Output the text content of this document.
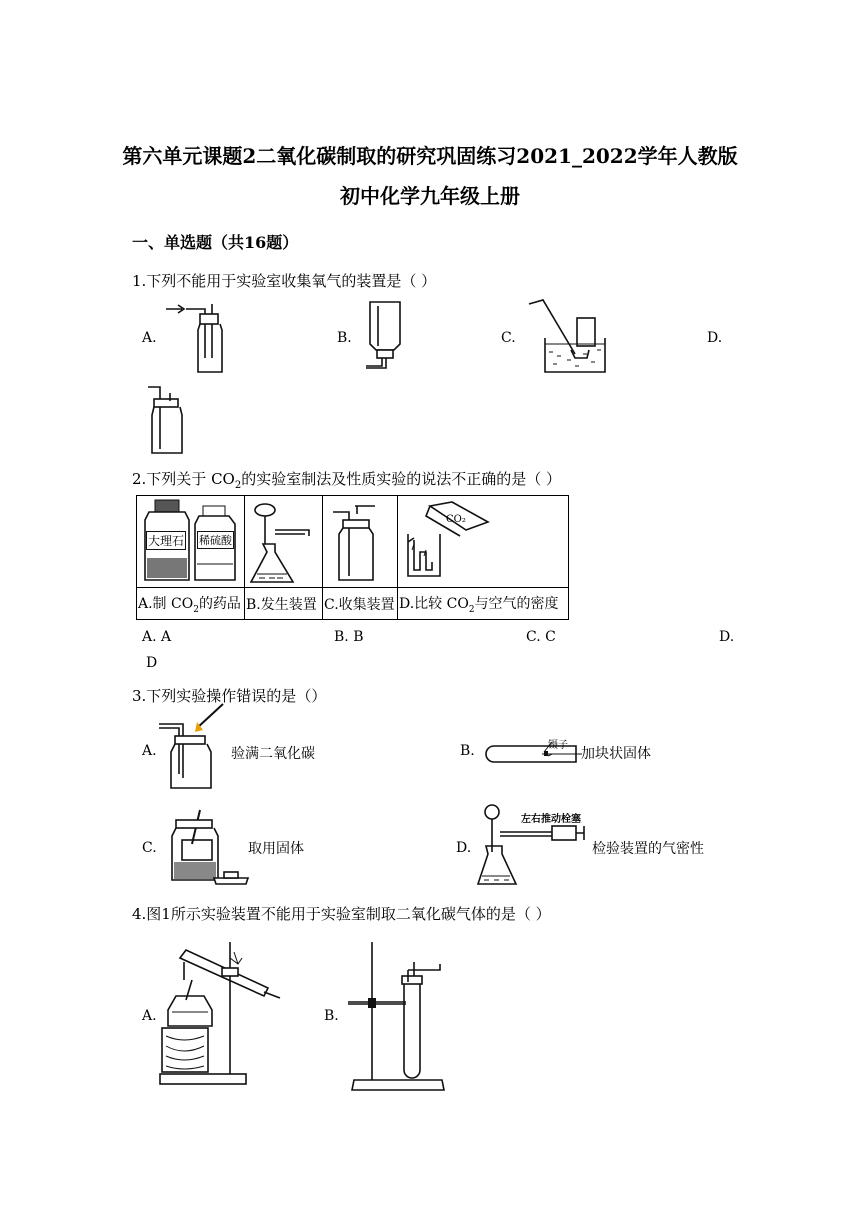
第六单元课题2二氧化碳制取的研究巩固练习2021_2022学年人教版
初中化学九年级上册
一、单选题（共16题）
1.下列不能用于实验室收集氧气的装置是（ ）
A.	B.	C.	D.
2.下列关于 $CO_2$的实验室制法及性质实验的说法不正确的是（ ）
大理石 稀硫酸			CO₂

A.制 $CO_2$的药品	B.发生装置	C.收集装置	D.比较 $CO_2$与空气的密度
A. A	B. B	C. C	D.
D
3.下列实验操作错误的是（）
A.	验满二氧化碳	B.	镊子
加块状固体
C.	取用固体	D.
左右推动栓塞
检验装置的气密性
4.图1所示实验装置不能用于实验室制取二氧化碳气体的是（ ）
A.	B.
